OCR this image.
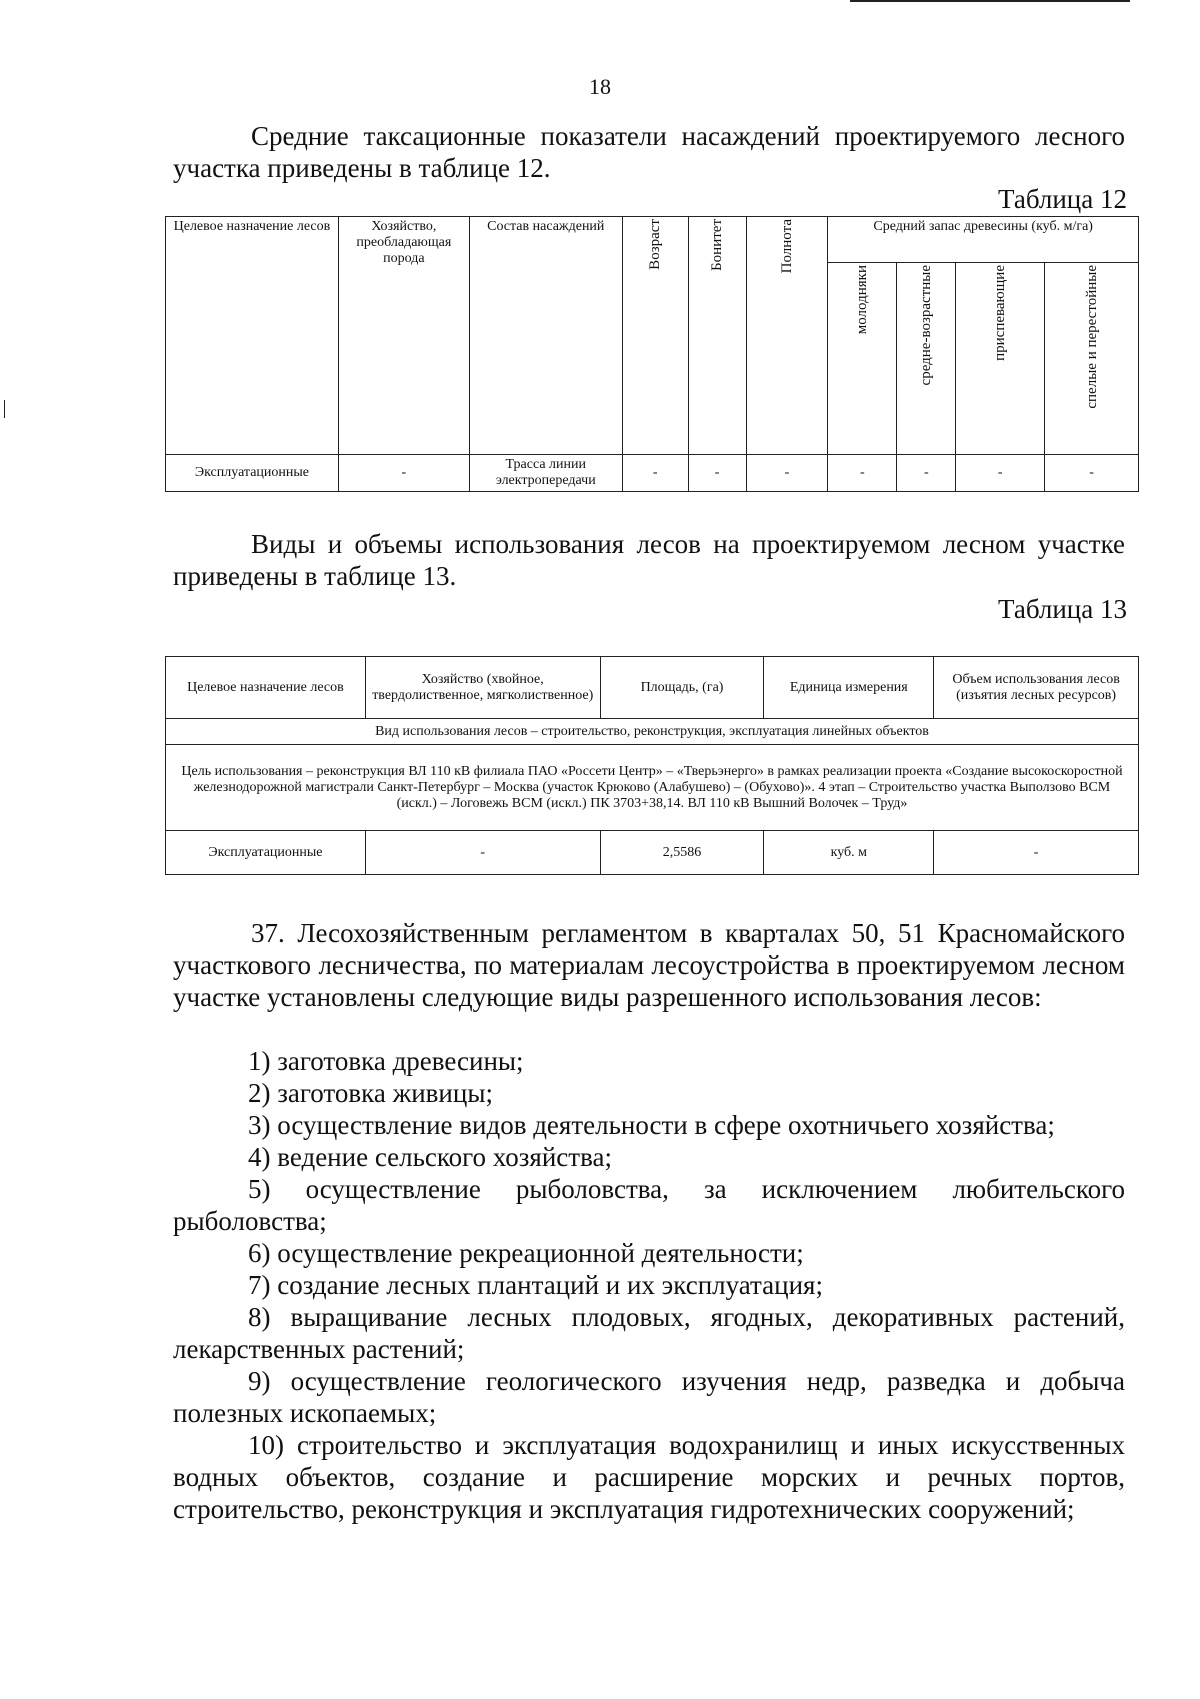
18

Средние таксационные показатели насаждений проектируемого лесного участка приведены в таблице 12.

Таблица 12
Целевое назначение лесов	Хозяйство, преобладающая порода	Состав насаждений	Возраст	Бонитет	Полнота	Средний запас древесины (куб. м/га)			
						молодняки	средне-возрастные	приспевающие	спелые и перестойные
Эксплуатационные	-	Трасса линии электропередачи	-	-	-	-	-	-	-

Виды и объемы использования лесов на проектируемом лесном участке приведены в таблице 13.

Таблица 13
Целевое назначение лесов	Хозяйство (хвойное, твердолиственное, мягколиственное)	Площадь, (га)	Единица измерения	Объем использования лесов (изъятия лесных ресурсов)
Вид использования лесов – строительство, реконструкция, эксплуатация линейных объектов				
Цель использования – реконструкция ВЛ 110 кВ филиала ПАО «Россети Центр» – «Тверьэнерго» в рамках реализации проекта «Создание высокоскоростной железнодорожной магистрали Санкт-Петербург – Москва (участок Крюково (Алабушево) – (Обухово)». 4 этап – Строительство участка Выползово ВСМ (искл.) – Логовежь ВСМ (искл.) ПК 3703+38,14. ВЛ 110 кВ Вышний Волочек – Труд»				
Эксплуатационные	-	2,5586	куб. м	-

37. Лесохозяйственным регламентом в кварталах 50, 51 Красномайского участкового лесничества, по материалам лесоустройства в проектируемом лесном участке установлены следующие виды разрешенного использования лесов:

1) заготовка древесины;
2) заготовка живицы;
3) осуществление видов деятельности в сфере охотничьего хозяйства;
4) ведение сельского хозяйства;
5) осуществление рыболовства, за исключением любительского рыболовства;
6) осуществление рекреационной деятельности;
7) создание лесных плантаций и их эксплуатация;
8) выращивание лесных плодовых, ягодных, декоративных растений, лекарственных растений;
9) осуществление геологического изучения недр, разведка и добыча полезных ископаемых;
10) строительство и эксплуатация водохранилищ и иных искусственных водных объектов, создание и расширение морских и речных портов, строительство, реконструкция и эксплуатация гидротехнических сооружений;
